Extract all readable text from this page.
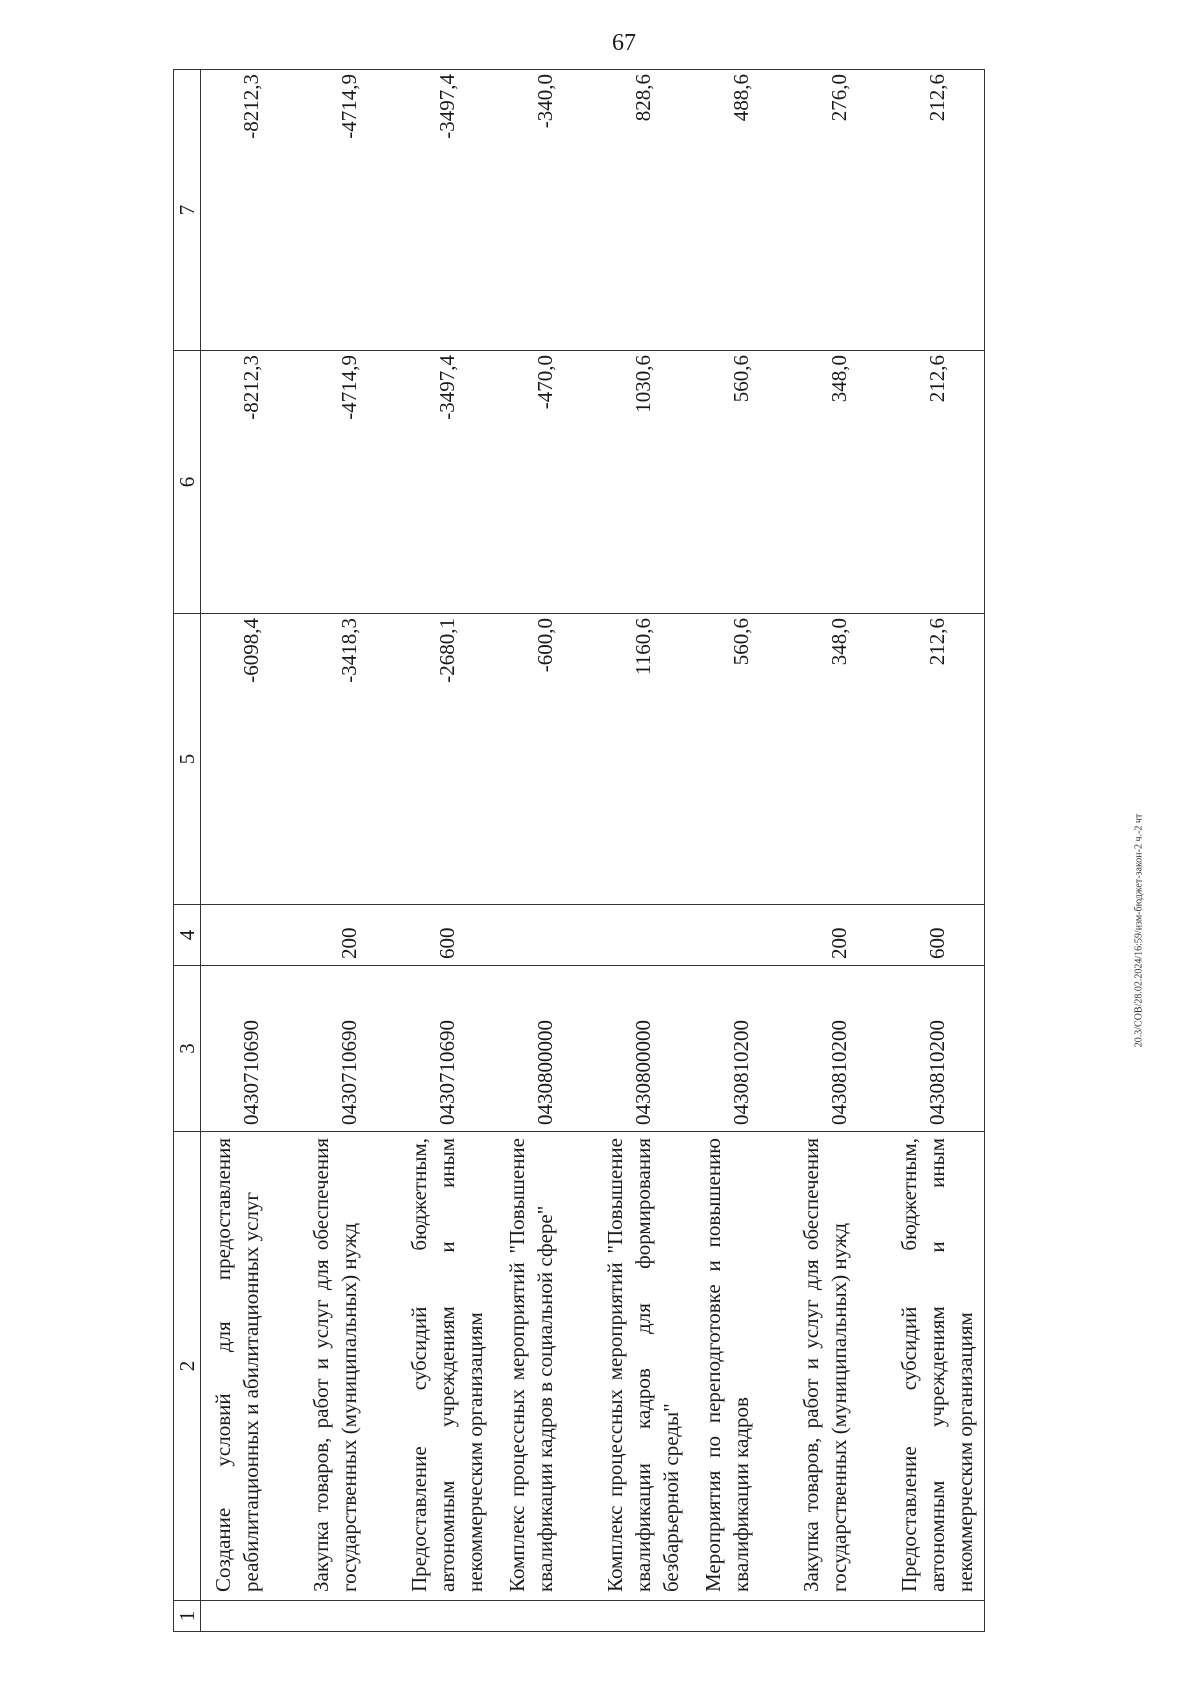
67
20.3/СОВ/28.02.2024/16:59/изм-бюджет-закон-2 ч.-2 чт
1	2	3	4	5	6	7
	Создание условий для предоставления реабилитационных и абилитационных услуг	0430710690		-6098,4	-8212,3	-8212,3
	Закупка товаров, работ и услуг для обеспечения государственных (муниципальных) нужд	0430710690	200	-3418,3	-4714,9	-4714,9
	Предоставление субсидий бюджетным, автономным учреждениям и иным некоммерческим организациям	0430710690	600	-2680,1	-3497,4	-3497,4
	Комплекс процессных мероприятий "Повышение квалификации кадров в социальной сфере"	0430800000		-600,0	-470,0	-340,0
	Комплекс процессных мероприятий "Повышение квалификации кадров для формирования безбарьерной среды"	0430800000		1160,6	1030,6	828,6
	Мероприятия по переподготовке и повышению квалификации кадров	0430810200		560,6	560,6	488,6
	Закупка товаров, работ и услуг для обеспечения государственных (муниципальных) нужд	0430810200	200	348,0	348,0	276,0
	Предоставление субсидий бюджетным, автономным учреждениям и иным некоммерческим организациям	0430810200	600	212,6	212,6	212,6
